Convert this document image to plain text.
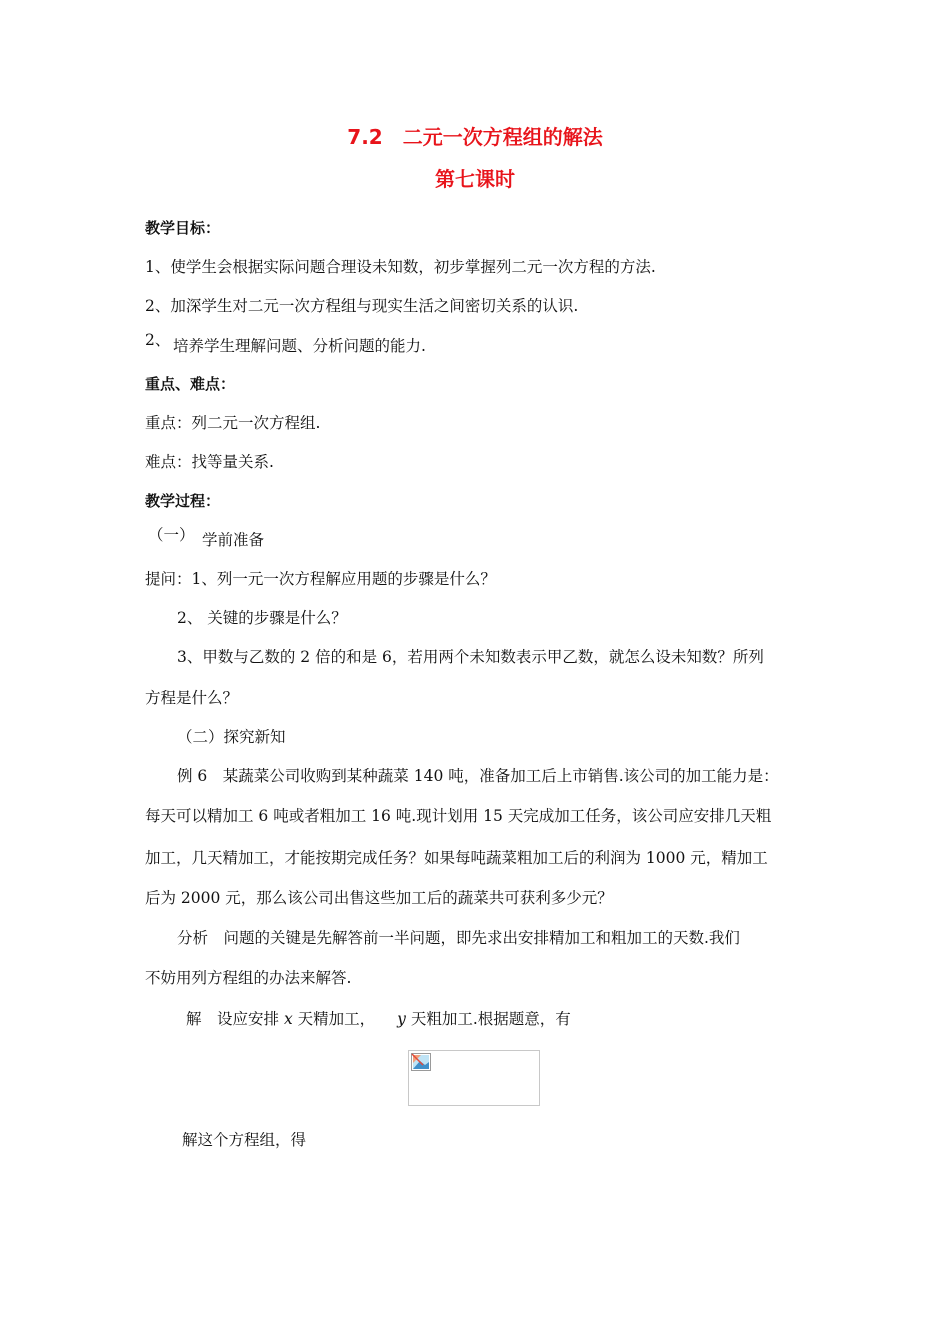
7.2　二元一次方程组的解法
第七课时
教学目标：
1、使学生会根据实际问题合理设未知数，初步掌握列二元一次方程的方法.
2、加深学生对二元一次方程组与现实生活之间密切关系的认识.
2、 培养学生理解问题、分析问题的能力.
重点、难点：
重点：列二元一次方程组.
难点：找等量关系.
教学过程：
（一） 学前准备
提问：1、列一元一次方程解应用题的步骤是什么？
2、 关键的步骤是什么？
3、甲数与乙数的 2 倍的和是 6，若用两个未知数表示甲乙数，就怎么设未知数？所列
方程是什么？
（二）探究新知
例 6　某蔬菜公司收购到某种蔬菜 140 吨，准备加工后上市销售.该公司的加工能力是：
每天可以精加工 6 吨或者粗加工 16 吨.现计划用 15 天完成加工任务，该公司应安排几天粗
加工，几天精加工，才能按期完成任务？如果每吨蔬菜粗加工后的利润为 1000 元，精加工
后为 2000 元，那么该公司出售这些加工后的蔬菜共可获利多少元？
分析　问题的关键是先解答前一半问题，即先求出安排精加工和粗加工的天数.我们
不妨用列方程组的办法来解答.
解　设应安排 x 天精加工， y 天粗加工.根据题意，有
解这个方程组，得
